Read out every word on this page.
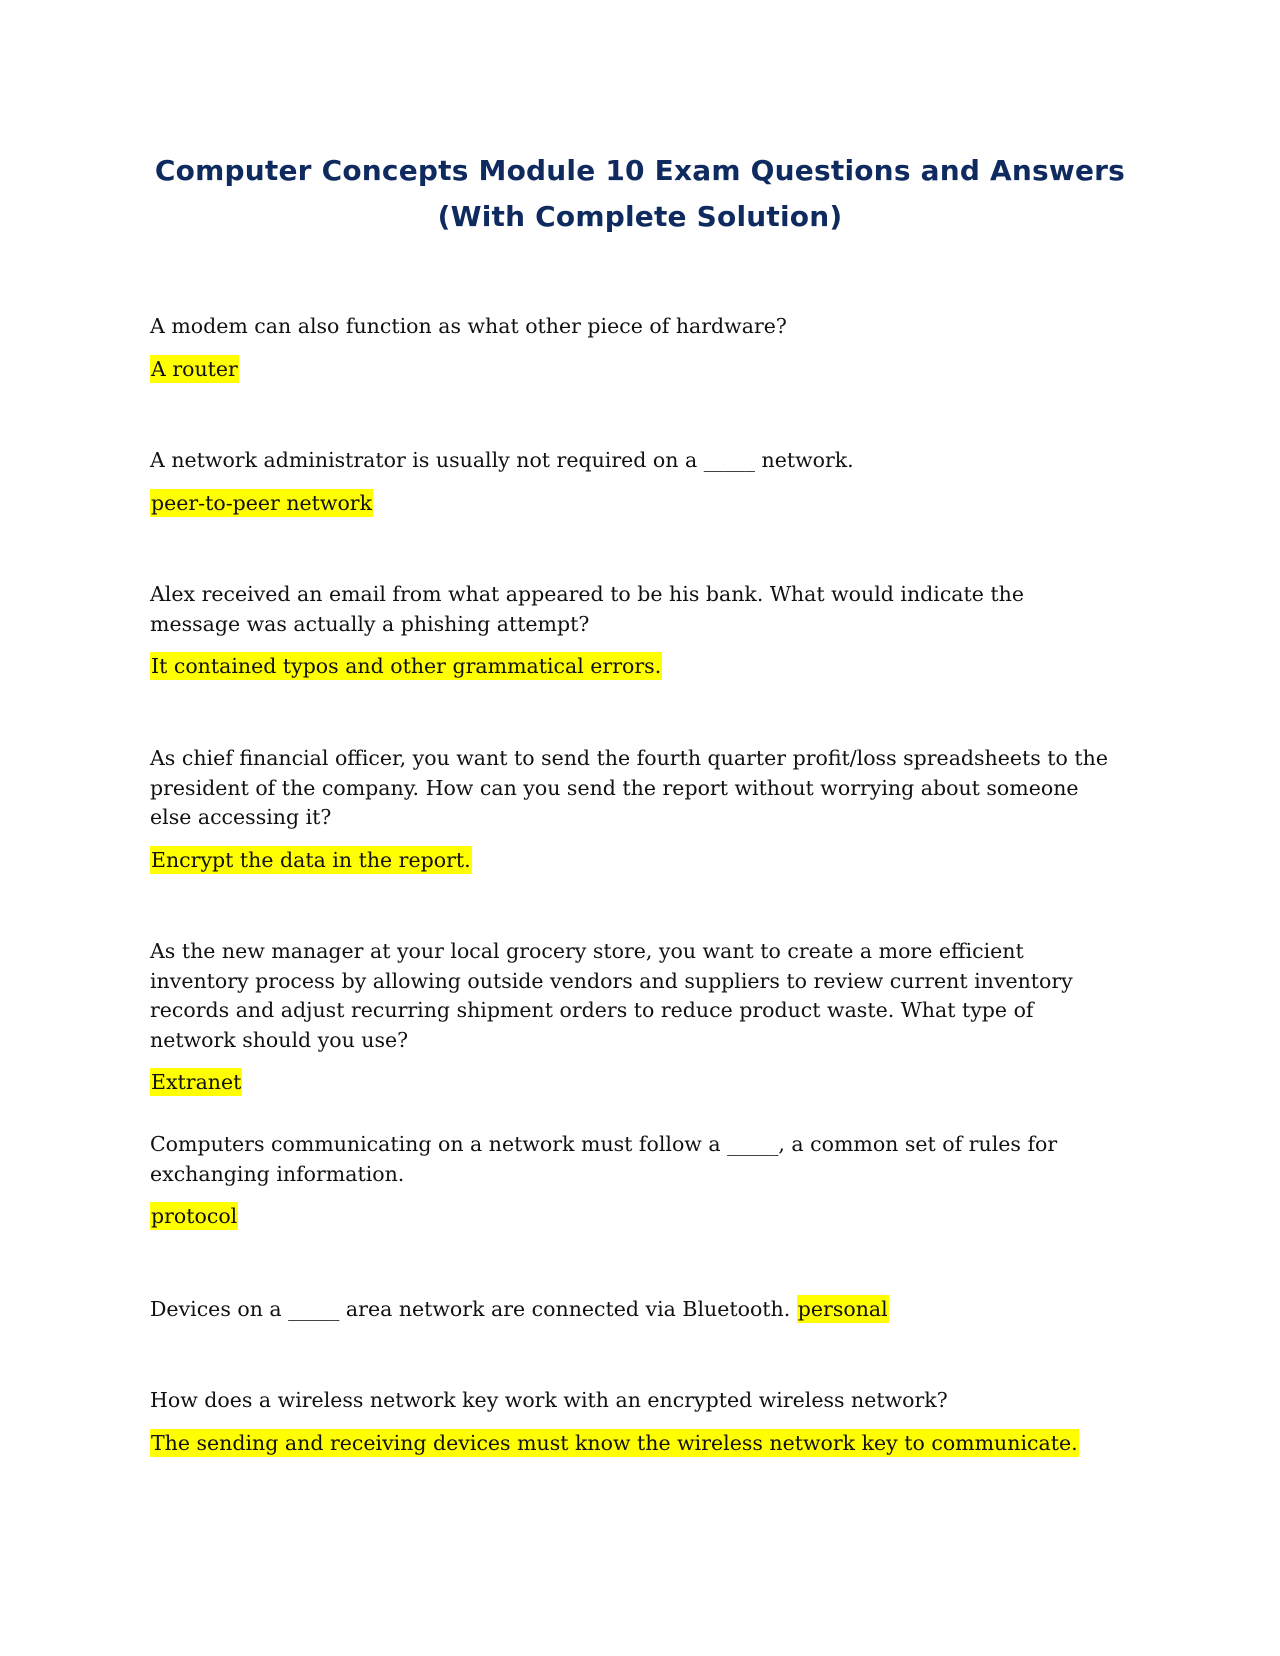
Computer Concepts Module 10 Exam Questions and Answers
(With Complete Solution)

A modem can also function as what other piece of hardware?

A router

A network administrator is usually not required on a _____ network.

peer-to-peer network

Alex received an email from what appeared to be his bank. What would indicate the message was actually a phishing attempt?

It contained typos and other grammatical errors.

As chief financial officer, you want to send the fourth quarter profit/loss spreadsheets to the president of the company. How can you send the report without worrying about someone else accessing it?

Encrypt the data in the report.

As the new manager at your local grocery store, you want to create a more efficient inventory process by allowing outside vendors and suppliers to review current inventory records and adjust recurring shipment orders to reduce product waste. What type of network should you use?

Extranet

Computers communicating on a network must follow a _____, a common set of rules for exchanging information.

protocol

Devices on a _____ area network are connected via Bluetooth. personal

How does a wireless network key work with an encrypted wireless network?

The sending and receiving devices must know the wireless network key to communicate.
